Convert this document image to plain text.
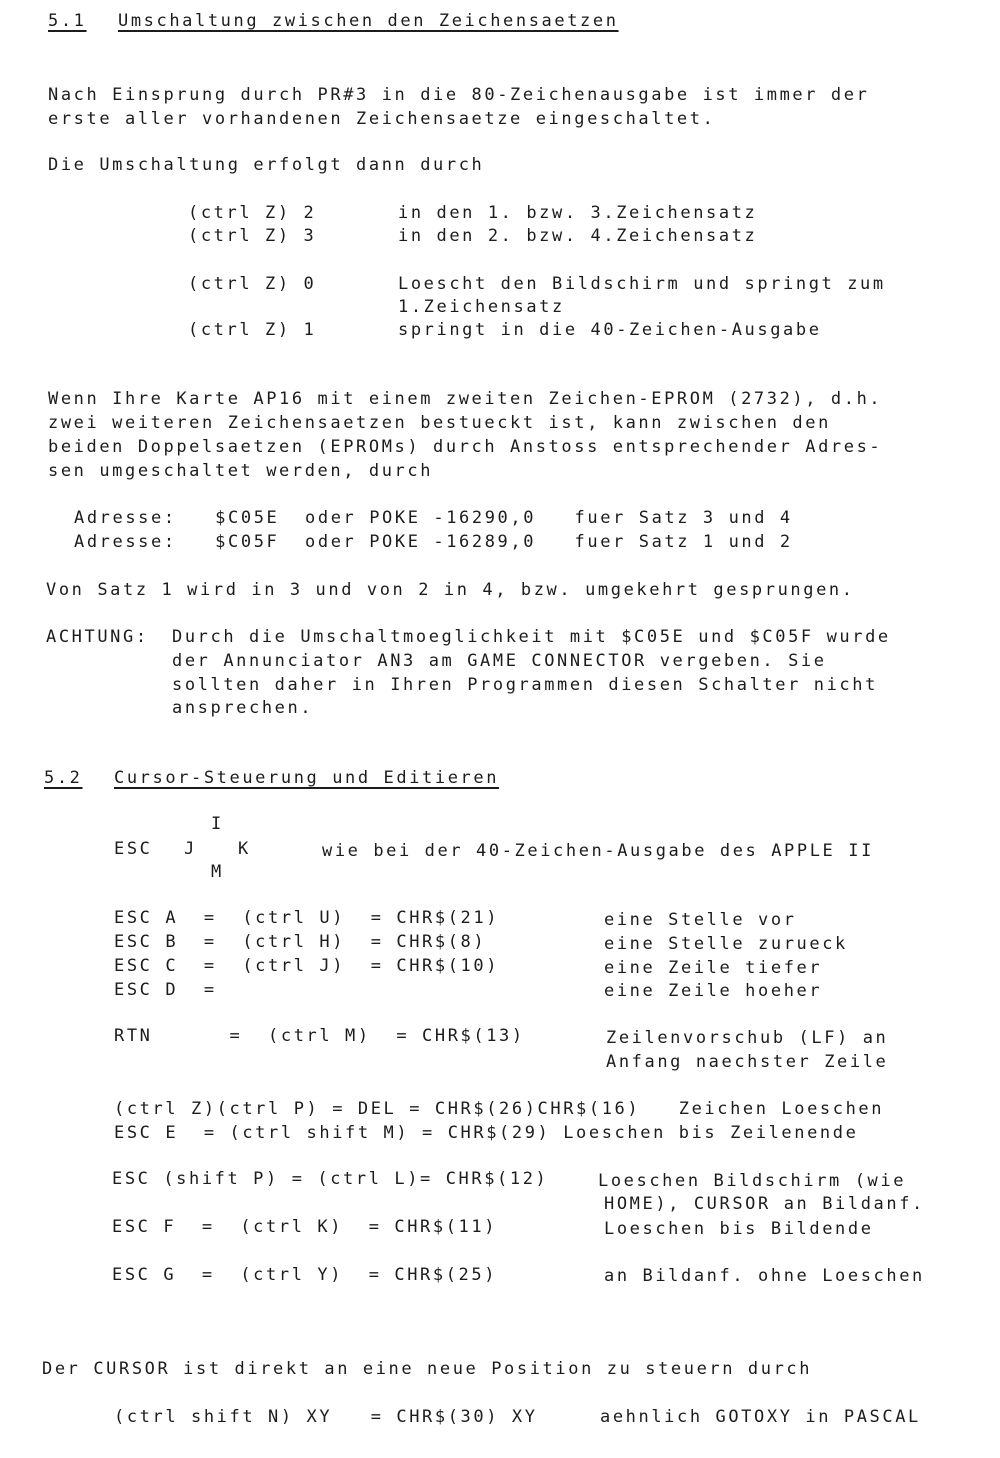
5.1 Umschaltung zwischen den Zeichensaetzen
Nach Einsprung durch PR#3 in die 80-Zeichenausgabe ist immer der
erste aller vorhandenen Zeichensaetze eingeschaltet.
Die Umschaltung erfolgt dann durch
(ctrl Z) 2	in den 1. bzw. 3.Zeichensatz
(ctrl Z) 3	in den 2. bzw. 4.Zeichensatz
(ctrl Z) 0	Loescht den Bildschirm und springt zum
1.Zeichensatz
(ctrl Z) 1	springt in die 40-Zeichen-Ausgabe
Wenn Ihre Karte AP16 mit einem zweiten Zeichen-EPROM (2732), d.h.
zwei weiteren Zeichensaetzen bestueckt ist, kann zwischen den
beiden Doppelsaetzen (EPROMs) durch Anstoss entsprechender Adres-
sen umgeschaltet werden, durch
Adresse:   $C05E  oder POKE -16290,0   fuer Satz 3 und 4
Adresse:   $C05F  oder POKE -16289,0   fuer Satz 1 und 2
Von Satz 1 wird in 3 und von 2 in 4, bzw. umgekehrt gesprungen.
ACHTUNG: Durch die Umschaltmoeglichkeit mit $C05E und $C05F wurde
der Annunciator AN3 am GAME CONNECTOR vergeben. Sie
sollten daher in Ihren Programmen diesen Schalter nicht
ansprechen.
5.2 Cursor-Steuerung und Editieren
I
ESC J K	wie bei der 40-Zeichen-Ausgabe des APPLE II
M
ESC A  =  (ctrl U)  = CHR$(21)	eine Stelle vor
ESC B  =  (ctrl H)  = CHR$(8)	eine Stelle zurueck
ESC C  =  (ctrl J)  = CHR$(10)	eine Zeile tiefer
ESC D  =	eine Zeile hoeher
RTN      =  (ctrl M)  = CHR$(13)	Zeilenvorschub (LF) an
Anfang naechster Zeile
(ctrl Z)(ctrl P) = DEL = CHR$(26)CHR$(16)   Zeichen Loeschen
ESC E  = (ctrl shift M) = CHR$(29) Loeschen bis Zeilenende
ESC (shift P) = (ctrl L)= CHR$(12)	Loeschen Bildschirm (wie
HOME), CURSOR an Bildanf.
ESC F  =  (ctrl K)  = CHR$(11)	Loeschen bis Bildende
ESC G  =  (ctrl Y)  = CHR$(25)	an Bildanf. ohne Loeschen
Der CURSOR ist direkt an eine neue Position zu steuern durch
(ctrl shift N) XY   = CHR$(30) XY	aehnlich GOTOXY in PASCAL
